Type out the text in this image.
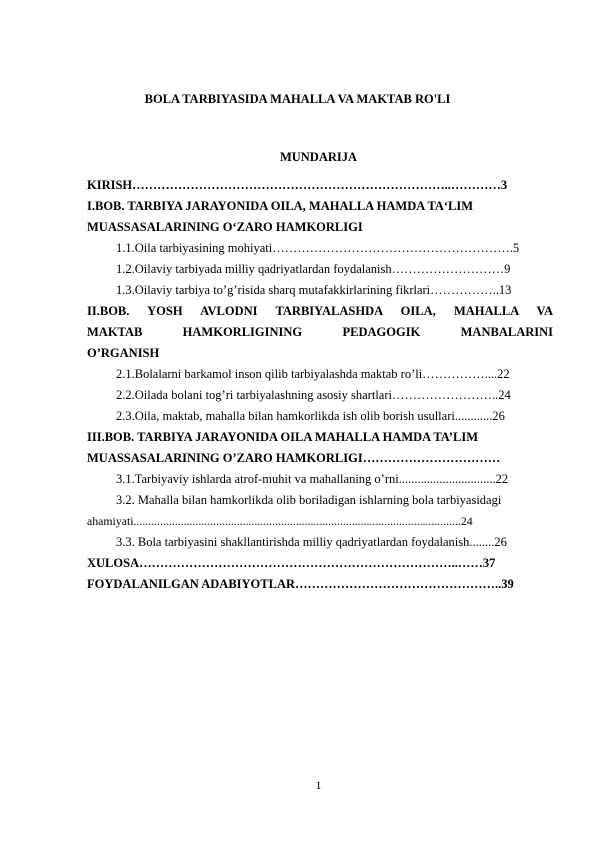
BOLA TARBIYASIDA MAHALLA VA MAKTAB RO'LI
MUNDARIJA
KIRISH…………………………………………………………………..…………3
I.BOB. TARBIYA JARAYONIDA OILA, MAHALLA HAMDA TA‘LIM
MUASSASALARINING O‘ZARO HAMKORLIGI
1.1.Oila tarbiyasining mohiyati………………………………………………….5
1.2.Oilaviy tarbiyada milliy qadriyatlardan foydalanish………………………9
1.3.Oilaviy tarbiya to’g’risida sharq mutafakkirlarining fikrlari……………..13
II.BOB. YOSH AVLODNI TARBIYALASHDA OILA, MAHALLA VA
MAKTAB HAMKORLIGINING PEDAGOGIK MANBALARINI
O’RGANISH
2.1.Bolalarni barkamol inson qilib tarbiyalashda maktab ro’li……………....22
2.2.Oilada bolani tog’ri tarbiyalashning asosiy shartlari……………………..24
2.3.Oila, maktab, mahalla bilan hamkorlikda ish olib borish usullari............26
III.BOB. TARBIYA JARAYONIDA OILA MAHALLA HAMDA TA’LIM
MUASSASALARINING O’ZARO HAMKORLIGI……………………………
3.1.Tarbiyaviy ishlarda atrof-muhit va mahallaning o’rni...............................22
3.2. Mahalla bilan hamkorlikda olib boriladigan ishlarning bola tarbiyasidagi
ahamiyati...............................................................................................................24
3.3. Bola tarbiyasini shakllantirishda milliy qadriyatlardan foydalanish........26
XULOSA…………………………………………………………………..……37
FOYDALANILGAN ADABIYOTLAR…………………………………………..39
1
